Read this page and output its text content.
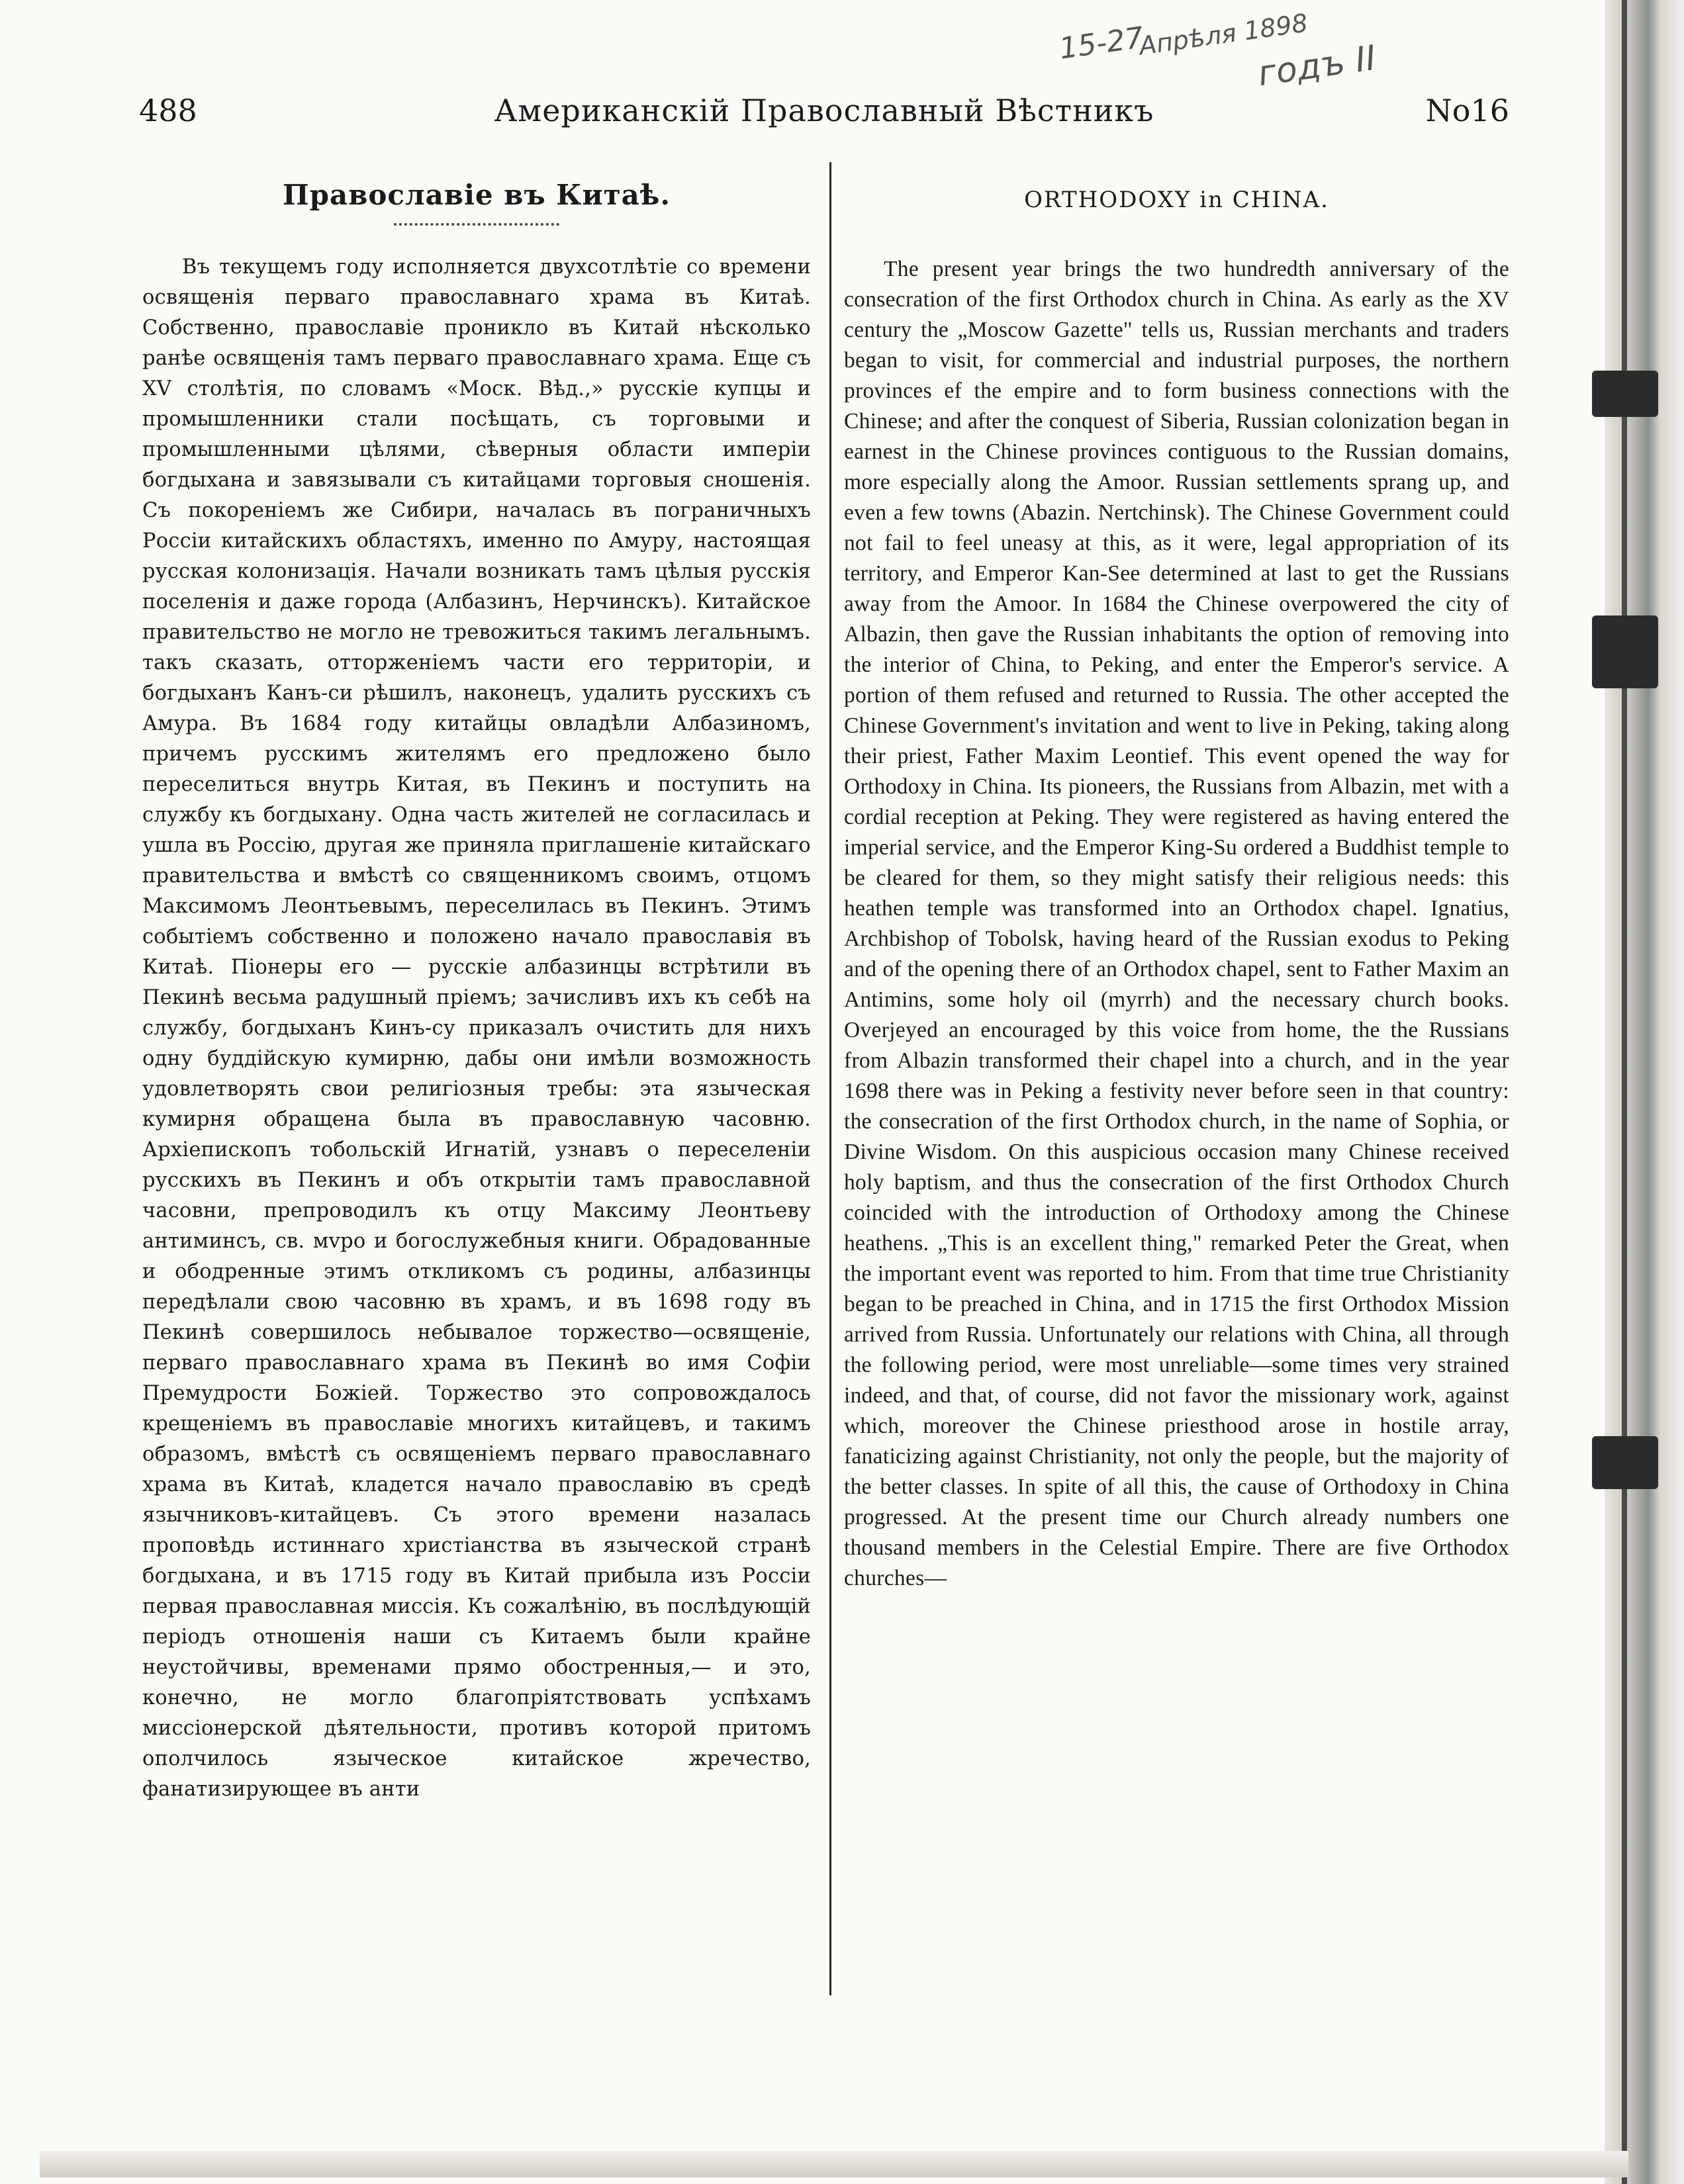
15-27
Апрѣля 1898
годъ II
488	Американскій Православный Вѣстникъ	No16
Православіе въ Китаѣ.

Въ текущемъ году исполняется двухсотлѣтіе со времени освященія перваго православнаго храма въ Китаѣ. Собственно, православіе проникло въ Китай нѣсколько ранѣе освященія тамъ перваго православнаго храма. Еще съ XV столѣтія, по словамъ «Моск. Вѣд.,» русскіе купцы и промышленники стали посѣщать, съ торговыми и промышленными цѣлями, сѣверныя области имперіи богдыхана и завязывали съ китайцами торговыя сношенія. Съ покореніемъ же Сибири, началась въ пограничныхъ Россіи китайскихъ областяхъ, именно по Амуру, настоящая русская колонизація. Начали возникать тамъ цѣлыя русскія поселенія и даже города (Албазинъ, Нерчинскъ). Китайское правительство не могло не тревожиться такимъ легальнымъ. такъ сказать, отторженіемъ части его территоріи, и богдыханъ Канъ-си рѣшилъ, наконецъ, удалить русскихъ съ Амура. Въ 1684 году китайцы овладѣли Албазиномъ, причемъ русскимъ жителямъ его предложено было переселиться внутрь Китая, въ Пекинъ и поступить на службу къ богдыхану. Одна часть жителей не согласилась и ушла въ Россію, другая же приняла приглашеніе китайскаго правительства и вмѣстѣ со священникомъ своимъ, отцомъ Максимомъ Леонтьевымъ, переселилась въ Пекинъ. Этимъ событіемъ собственно и положено начало православія въ Китаѣ. Піонеры его — русскіе албазинцы встрѣтили въ Пекинѣ весьма радушный пріемъ; зачисливъ ихъ къ себѣ на службу, богдыханъ Кинъ-су приказалъ очистить для нихъ одну буддійскую кумирню, дабы они имѣли возможность удовлетворять свои религіозныя требы: эта языческая кумирня обращена была въ православную часовню. Архіепископъ тобольскій Игнатій, узнавъ о переселеніи русскихъ въ Пекинъ и объ открытіи тамъ православной часовни, препроводилъ къ отцу Максиму Леонтьеву антиминсъ, св. мvро и богослужебныя книги. Обрадованные и ободренные этимъ откликомъ съ родины, албазинцы передѣлали свою часовню въ храмъ, и въ 1698 году въ Пекинѣ совершилось небывалое торжество—освященіе, перваго православнаго храма въ Пекинѣ во имя Софіи Премудрости Божіей. Торжество это сопровождалось крещеніемъ въ православіе многихъ китайцевъ, и такимъ образомъ, вмѣстѣ съ освященіемъ перваго православнаго храма въ Китаѣ, кладется начало православію въ средѣ язычниковъ-китайцевъ. Съ этого времени назалась проповѣдь истиннаго христіанства въ языческой странѣ богдыхана, и въ 1715 году въ Китай прибыла изъ Россіи первая православная миссія. Къ сожалѣнію, въ послѣдующій періодъ отношенія наши съ Китаемъ были крайне неустойчивы, временами прямо обостренныя,— и это, конечно, не могло благопріятствовать успѣхамъ миссіонерской дѣятельности, противъ которой притомъ ополчилось языческое китайское жречество, фанатизирующее въ анти

ORTHODOXY in CHINA.

The present year brings the two hundredth anniversary of the consecration of the first Orthodox church in China. As early as the XV century the „Moscow Gazette" tells us, Russian merchants and traders began to visit, for commercial and industrial purposes, the northern provinces ef the empire and to form business connections with the Chinese; and after the conquest of Siberia, Russian colonization began in earnest in the Chinese provinces contiguous to the Russian domains, more especially along the Amoor. Russian settlements sprang up, and even a few towns (Abazin. Nertchinsk). The Chinese Government could not fail to feel uneasy at this, as it were, legal appropriation of its territory, and Emperor Kan-See determined at last to get the Russians away from the Amoor. In 1684 the Chinese overpowered the city of Albazin, then gave the Russian inhabitants the option of removing into the interior of China, to Peking, and enter the Emperor's service. A portion of them refused and returned to Russia. The other accepted the Chinese Government's invitation and went to live in Peking, taking along their priest, Father Maxim Leontief. This event opened the way for Orthodoxy in China. Its pioneers, the Russians from Albazin, met with a cordial reception at Peking. They were registered as having entered the imperial service, and the Emperor King-Su ordered a Buddhist temple to be cleared for them, so they might satisfy their religious needs: this heathen temple was transformed into an Orthodox chapel. Ignatius, Archbishop of Tobolsk, having heard of the Russian exodus to Peking and of the opening there of an Orthodox chapel, sent to Father Maxim an Antimins, some holy oil (myrrh) and the necessary church books. Overjeyed an encouraged by this voice from home, the the Russians from Albazin transformed their chapel into a church, and in the year 1698 there was in Peking a festivity never before seen in that country: the consecration of the first Orthodox church, in the name of Sophia, or Divine Wisdom. On this auspicious occasion many Chinese received holy baptism, and thus the consecration of the first Orthodox Church coincided with the introduction of Orthodoxy among the Chinese heathens. „This is an excellent thing," remarked Peter the Great, when the important event was reported to him. From that time true Christianity began to be preached in China, and in 1715 the first Orthodox Mission arrived from Russia. Unfortunately our relations with China, all through the following period, were most unreliable—some times very strained indeed, and that, of course, did not favor the missionary work, against which, moreover the Chinese priesthood arose in hostile array, fanaticizing against Christianity, not only the people, but the majority of the better classes. In spite of all this, the cause of Orthodoxy in China progressed. At the present time our Church already numbers one thousand members in the Celestial Empire. There are five Orthodox churches—
